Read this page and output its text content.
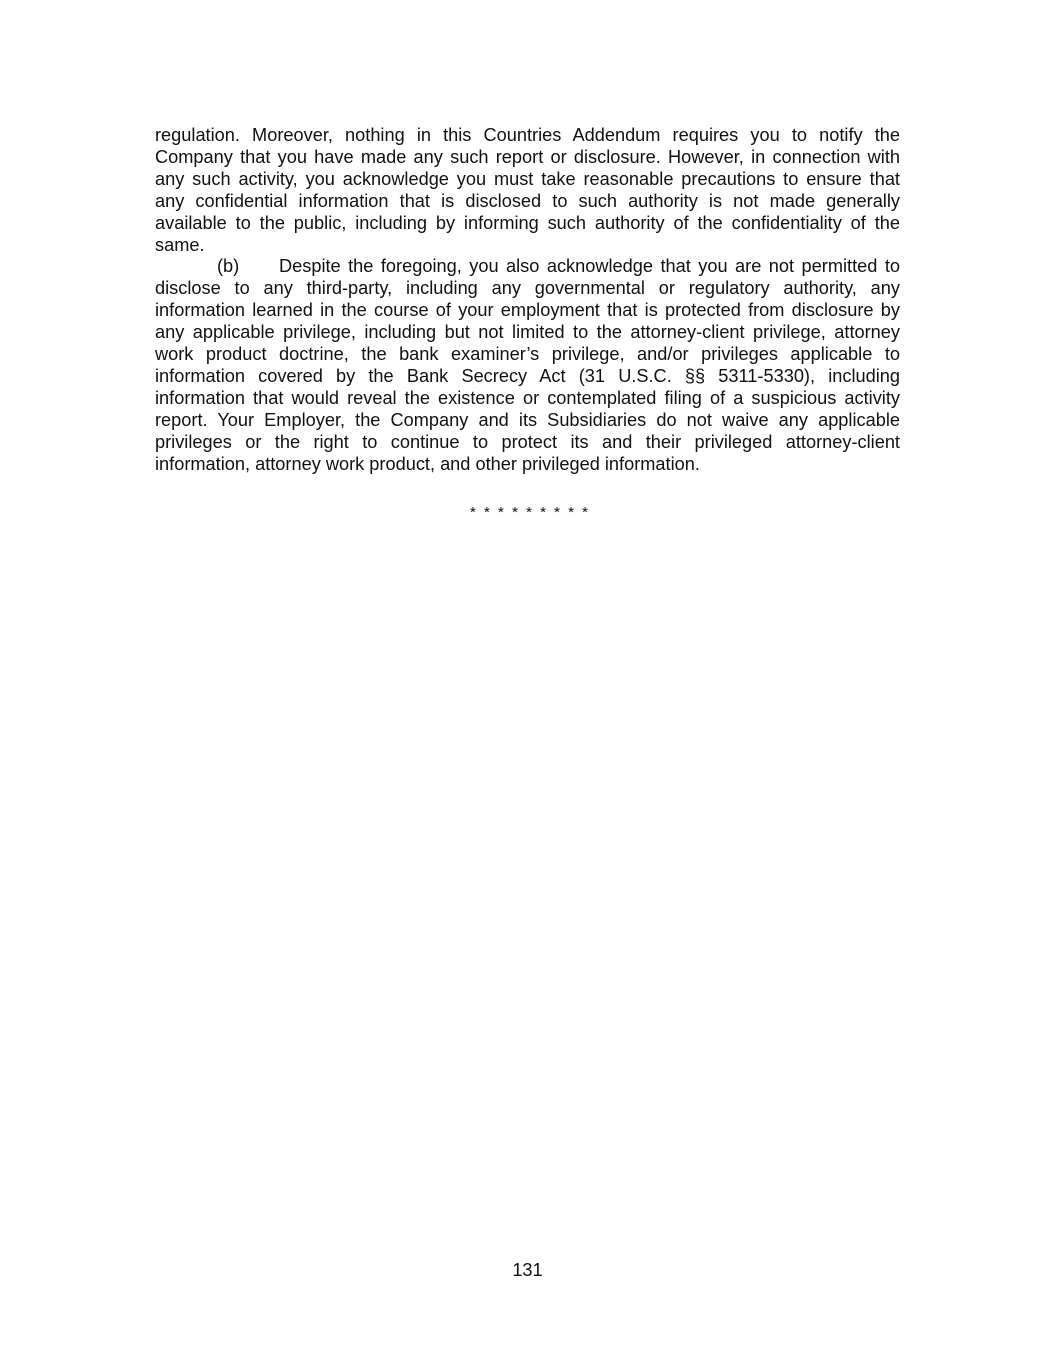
regulation. Moreover, nothing in this Countries Addendum requires you to notify the Company that you have made any such report or disclosure. However, in connection with any such activity, you acknowledge you must take reasonable precautions to ensure that any confidential information that is disclosed to such authority is not made generally available to the public, including by informing such authority of the confidentiality of the same.

(b) Despite the foregoing, you also acknowledge that you are not permitted to disclose to any third-party, including any governmental or regulatory authority, any information learned in the course of your employment that is protected from disclosure by any applicable privilege, including but not limited to the attorney-client privilege, attorney work product doctrine, the bank examiner’s privilege, and/or privileges applicable to information covered by the Bank Secrecy Act (31 U.S.C. §§ 5311-5330), including information that would reveal the existence or contemplated filing of a suspicious activity report. Your Employer, the Company and its Subsidiaries do not waive any applicable privileges or the right to continue to protect its and their privileged attorney-client information, attorney work product, and other privileged information.

* * * * * * * * *
131
